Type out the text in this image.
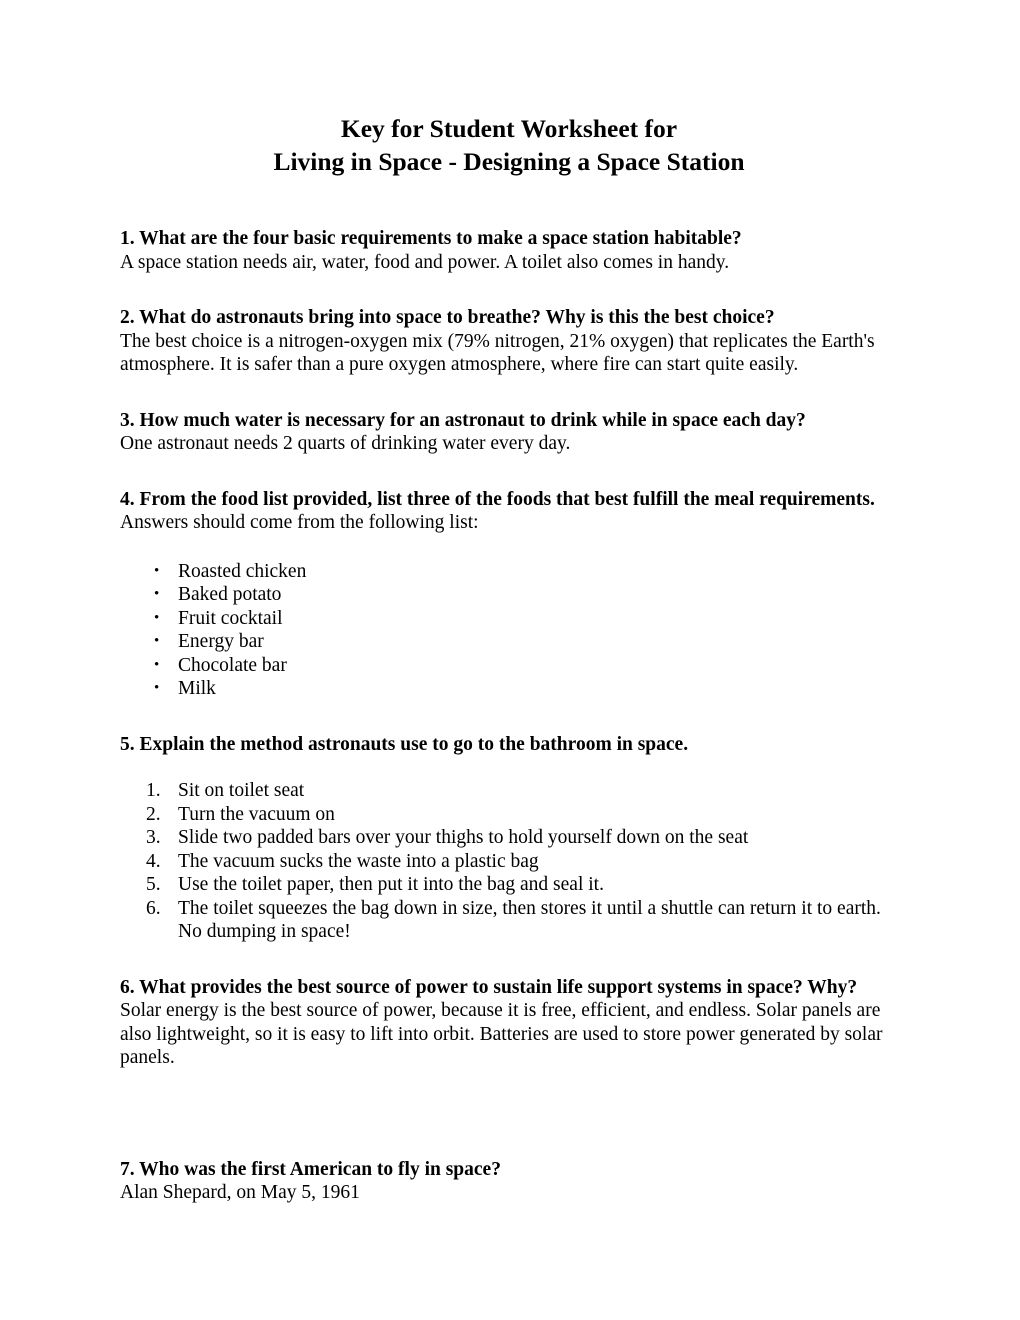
Key for Student Worksheet for
Living in Space - Designing a Space Station
1. What are the four basic requirements to make a space station habitable?
A space station needs air, water, food and power. A toilet also comes in handy.
2. What do astronauts bring into space to breathe? Why is this the best choice?
The best choice is a nitrogen-oxygen mix (79% nitrogen, 21% oxygen) that replicates the Earth's atmosphere. It is safer than a pure oxygen atmosphere, where fire can start quite easily.
3. How much water is necessary for an astronaut to drink while in space each day?
One astronaut needs 2 quarts of drinking water every day.
4. From the food list provided, list three of the foods that best fulfill the meal requirements.
Answers should come from the following list:
• Roasted chicken
• Baked potato
• Fruit cocktail
• Energy bar
• Chocolate bar
• Milk
5. Explain the method astronauts use to go to the bathroom in space.
1. Sit on toilet seat
2. Turn the vacuum on
3. Slide two padded bars over your thighs to hold yourself down on the seat
4. The vacuum sucks the waste into a plastic bag
5. Use the toilet paper, then put it into the bag and seal it.
6. The toilet squeezes the bag down in size, then stores it until a shuttle can return it to earth. No dumping in space!
6. What provides the best source of power to sustain life support systems in space? Why?
Solar energy is the best source of power, because it is free, efficient, and endless. Solar panels are also lightweight, so it is easy to lift into orbit. Batteries are used to store power generated by solar panels.
7. Who was the first American to fly in space?
Alan Shepard, on May 5, 1961
